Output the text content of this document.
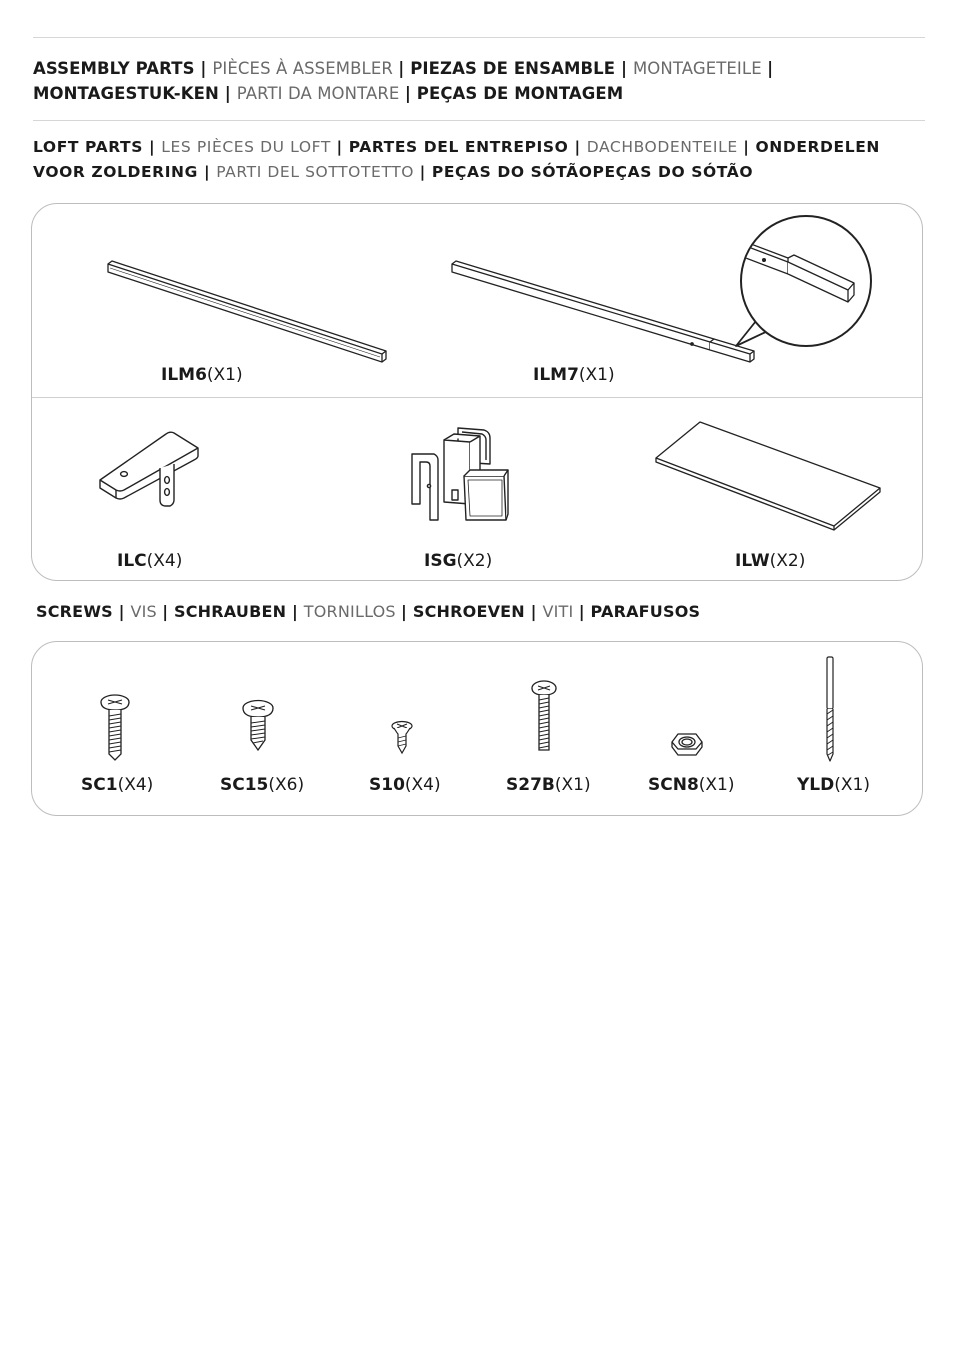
ASSEMBLY PARTS | PIÈCES À ASSEMBLER | PIEZAS DE ENSAMBLE | MONTAGETEILE | MONTAGESTUK-KEN | PARTI DA MONTARE | PEÇAS DE MONTAGEM
LOFT PARTS | LES PIÈCES DU LOFT | PARTES DEL ENTREPISO | DACHBODENTEILE | ONDERDELEN VOOR ZOLDERING | PARTI DEL SOTTOTETTO | PEÇAS DO SÓTÃOPEÇAS DO SÓTÃO
ILM6(X1)	ILM7(X1)
ILC(X4)	ISG(X2)	ILW(X2)
SCREWS | VIS | SCHRAUBEN | TORNILLOS | SCHROEVEN | VITI | PARAFUSOS
SC1(X4)	SC15(X6)	S10(X4)	S27B(X1)	SCN8(X1)	YLD(X1)
